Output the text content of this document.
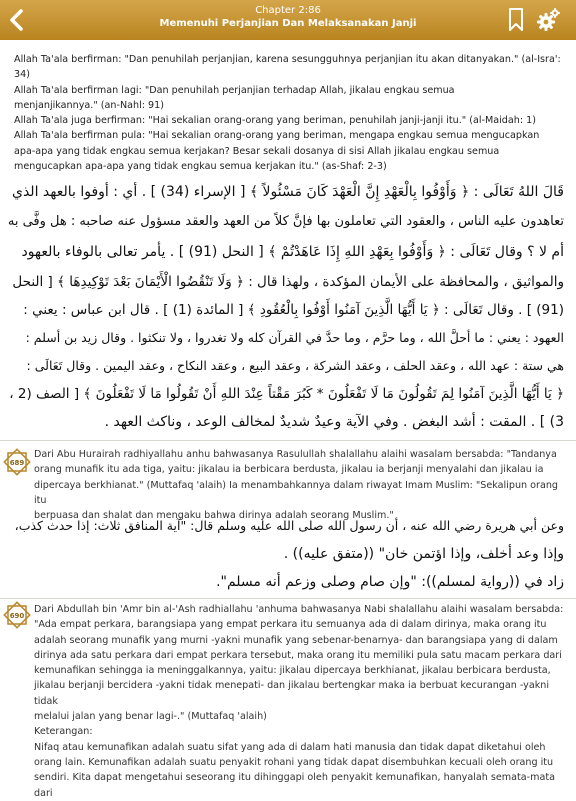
Chapter 2:86
Memenuhi Perjanjian Dan Melaksanakan Janji

Allah Ta'ala berfirman: "Dan penuhilah perjanjian, karena sesungguhnya perjanjian itu akan ditanyakan." (al-Isra':

34)

Allah Ta'ala berfirman lagi: "Dan penuhilah perjanjian terhadap Allah, jikalau engkau semua

menjanjikannya." (an-Nahl: 91)

Allah Ta'ala juga berfirman: "Hai sekalian orang-orang yang beriman, penuhilah janji-janji itu." (al-Maidah: 1)

Allah Ta'ala berfirman pula: "Hai sekalian orang-orang yang beriman, mengapa engkau semua mengucapkan

apa-apa yang tidak engkau semua kerjakan? Besar sekali dosanya di sisi Allah jikalau engkau semua

mengucapkan apa-apa yang tidak engkau semua kerjakan itu." (as-Shaf: 2-3)

قَالَ اللهُ تَعَالَى : ﴿ وَأَوْفُوا بِالْعَهْدِ إِنَّ الْعَهْدَ كَانَ مَسْئُولاً ﴾ [ الإسراء (34) ] . أي : أوفوا بالعهد الذي
تعاهدون عليه الناس ، والعقود التي تعاملون بها فإنَّ كلاً من العهد والعقد مسؤول عنه صاحبه : هل وفَّى به
أم لا ؟ وقال تَعَالَى : ﴿ وَأَوْفُوا بِعَهْدِ اللهِ إِذَا عَاهَدْتُمْ ﴾ [ النحل (91) ] . يأمر تعالى بالوفاء بالعهود
والمواثيق ، والمحافظة على الأيمان المؤكدة ، ولهذا قال : ﴿ وَلَا تَنْقُضُوا الْأَيْمَانَ بَعْدَ تَوْكِيدِهَا ﴾ [ النحل
(91) ] . وقال تَعَالَى : ﴿ يَا أَيُّهَا الَّذِينَ آمَنُوا أَوْفُوا بِالْعُقُودِ ﴾ [ المائدة (1) ] . قال ابن عباس : يعني :
العهود : يعني : ما أحلَّ الله ، وما حرَّم ، وما حدَّ في القرآن كله ولا تغدروا ، ولا تنكثوا . وقال زيد بن أسلم :
هي ستة : عهد الله ، وعقد الحلف ، وعقد الشركة ، وعقد البيع ، وعقد النكاح ، وعقد اليمين . وقال تَعَالَى :
﴿ يَا أَيُّهَا الَّذِينَ آمَنُوا لِمَ تَقُولُونَ مَا لَا تَفْعَلُونَ * كَبُرَ مَقْتاً عِنْدَ اللهِ أَنْ تَقُولُوا مَا لَا تَفْعَلُونَ ﴾ [ الصف (2 ،
3) ] . المقت : أشد البغض . وفي الآية وعيدٌ شديدٌ لمخالف الوعد ، وناكث العهد .
689

Dari Abu Hurairah radhiyallahu anhu bahwasanya Rasulullah shalallahu alaihi wasalam bersabda: "Tandanya

orang munafik itu ada tiga, yaitu: jikalau ia berbicara berdusta, jikalau ia berjanji menyalahi dan jikalau ia

dipercaya berkhianat." (Muttafaq 'alaih) Ia menambahkannya dalam riwayat Imam Muslim: "Sekalipun orang itu

berpuasa dan shalat dan mengaku bahwa dirinya adalah seorang Muslim."

وعن أبي هريرة رضي الله عنه ، أن رسول الله صلى الله عليه وسلم قال: "آية المنافق ثلاث: إذا حدث كذب،
وإذا وعد أخلف، وإذا اؤتمن خان" ((متفق عليه)) .
زاد في ((رواية لمسلم)): "وإن صام وصلى وزعم أنه مسلم".
690

Dari Abdullah bin 'Amr bin al-'Ash radhiallahu 'anhuma bahwasanya Nabi shalallahu alaihi wasalam bersabda:

"Ada empat perkara, barangsiapa yang empat perkara itu semuanya ada di dalam dirinya, maka orang itu

adalah seorang munafik yang murni -yakni munafik yang sebenar-benarnya- dan barangsiapa yang di dalam

dirinya ada satu perkara dari empat perkara tersebut, maka orang itu memiliki pula satu macam perkara dari

kemunafikan sehingga ia meninggalkannya, yaitu: jikalau dipercaya berkhianat, jikalau berbicara berdusta,

jikalau berjanji bercidera -yakni tidak menepati- dan jikalau bertengkar maka ia berbuat kecurangan -yakni tidak

melalui jalan yang benar lagi-." (Muttafaq 'alaih)

Keterangan:

Nifaq atau kemunafikan adalah suatu sifat yang ada di dalam hati manusia dan tidak dapat diketahui oleh

orang lain. Kemunafikan adalah suatu penyakit rohani yang tidak dapat disembuhkan kecuali oleh orang itu

sendiri. Kita dapat mengetahui seseorang itu dihinggapi oleh penyakit kemunafikan, hanyalah semata-mata dari
